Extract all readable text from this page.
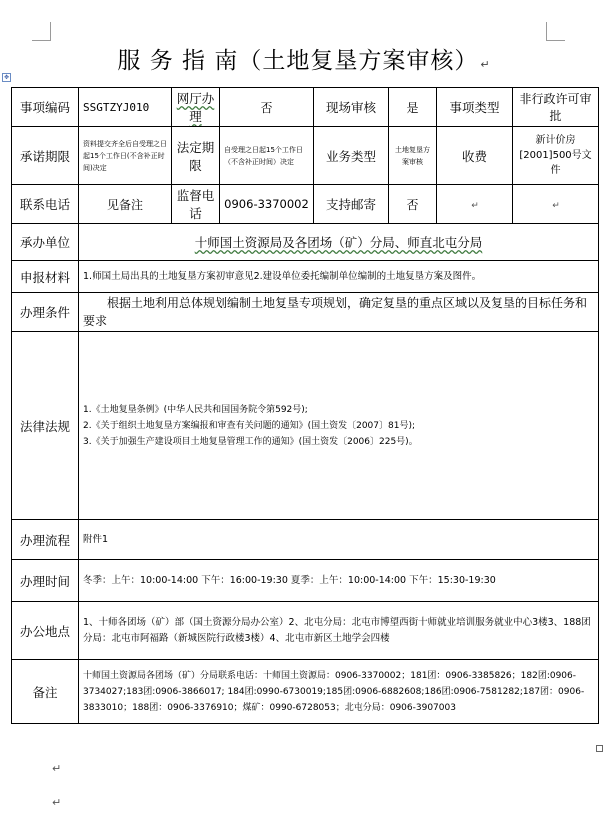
服 务 指 南（土地复垦方案审核） ↵
✥
事项编码	SSGTZYJ010	网厅办理	否	现场审核	是	事项类型	非行政许可审批
承诺期限	资料提交齐全后自受理之日起15个工作日(不含补正时间)决定	法定期限	自受理之日起15个工作日（不含补正时间）决定	业务类型	土地复垦方案审核	收费	新计价房[2001]500号文件
联系电话	见备注	监督电话	0906-3370002	支持邮寄	否	↵	↵
承办单位	十师国土资源局及各团场（矿）分局、师直北屯分局						
申报材料	1.师国土局出具的土地复垦方案初审意见2.建设单位委托编制单位编制的土地复垦方案及图件。						
办理条件	根据土地利用总体规划编制土地复垦专项规划，确定复垦的重点区域以及复垦的目标任务和要求						
法律法规	1.《土地复垦条例》(中华人民共和国国务院令第592号);

2.《关于组织土地复垦方案编报和审查有关问题的通知》(国土资发〔2007〕81号);

3.《关于加强生产建设项目土地复垦管理工作的通知》(国土资发〔2006〕225号)。						

办理流程	附件1						
办理时间	冬季：上午：10:00-14:00 下午：16:00-19:30 夏季：上午：10:00-14:00 下午：15:30-19:30						
办公地点	1、十师各团场（矿）部（国土资源分局办公室）2、北屯分局：北屯市博望西街十师就业培训服务就业中心3楼3、188团分局：北屯市阿福路（新城医院行政楼3楼）4、北屯市新区土地学会四楼						
备注	十师国土资源局各团场（矿）分局联系电话：十师国土资源局：0906-3370002；181团：0906-3385826；182团:0906-3734027;183团:0906-3866017; 184团:0990-6730019;185团:0906-6882608;186团:0906-7581282;187团：0906-3833010；188团：0906-3376910；煤矿：0990-6728053；北屯分局：0906-3907003						
↵
↵
